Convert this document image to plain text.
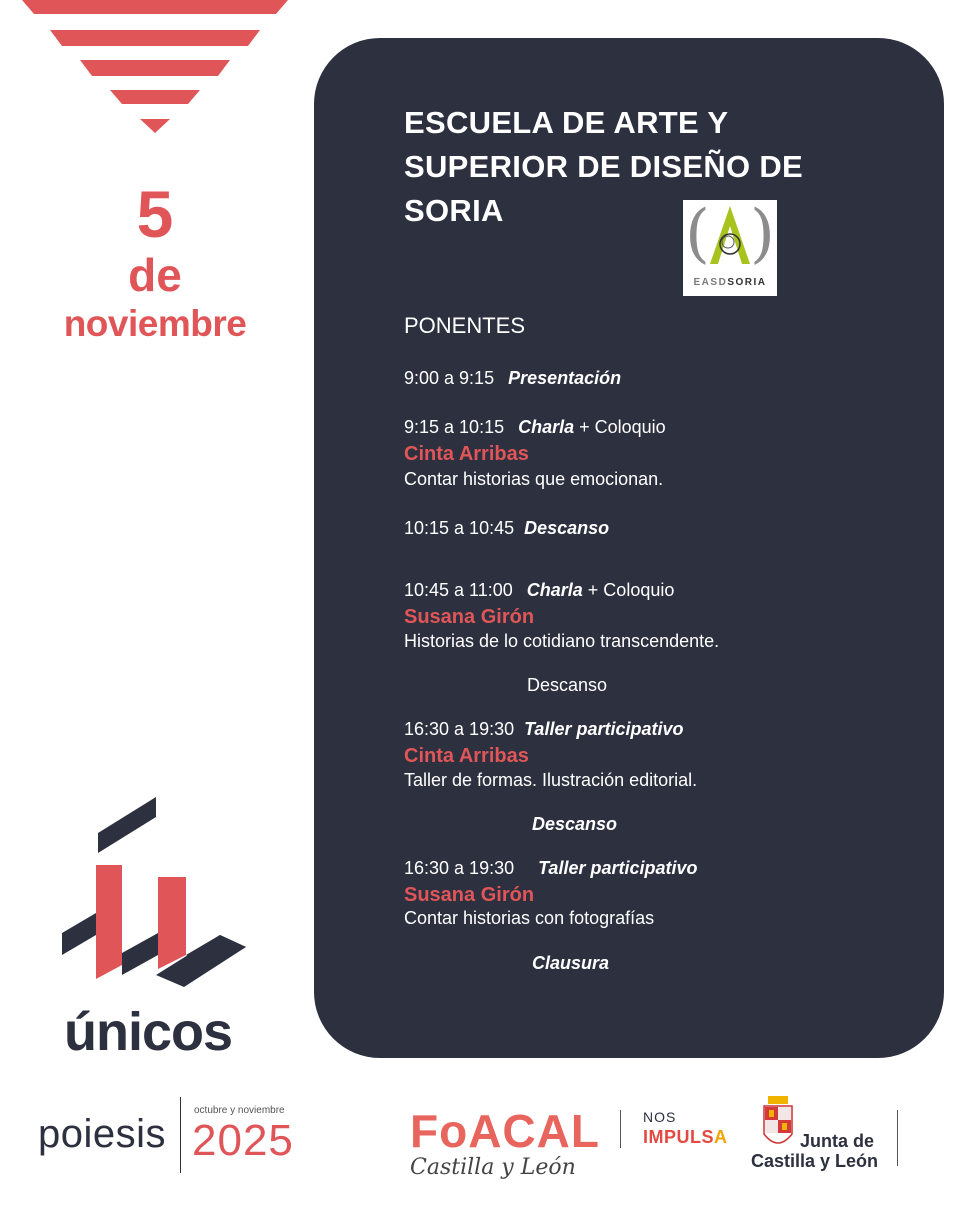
5
de
noviembre
ESCUELA DE ARTE Y
SUPERIOR DE DISEÑO DE
SORIA	( )
EASDSORIA
PONENTES
9:00 a 9:15 Presentación
9:15 a 10:15 Charla + Coloquio
Cinta Arribas
Contar historias que emocionan.
10:15 a 10:45 Descanso
10:45 a 11:00 Charla + Coloquio
Susana Girón
Historias de lo cotidiano transcendente.
Descanso
16:30 a 19:30 Taller participativo
Cinta Arribas
Taller de formas. Ilustración editorial.
Descanso
16:30 a 19:30 Taller participativo
Susana Girón
Contar historias con fotografías
Clausura
únicos
poiesis
octubre y noviembre
2025	FoACAL
Castilla y León
NOS
IMPULSA	Junta de
Castilla y León
